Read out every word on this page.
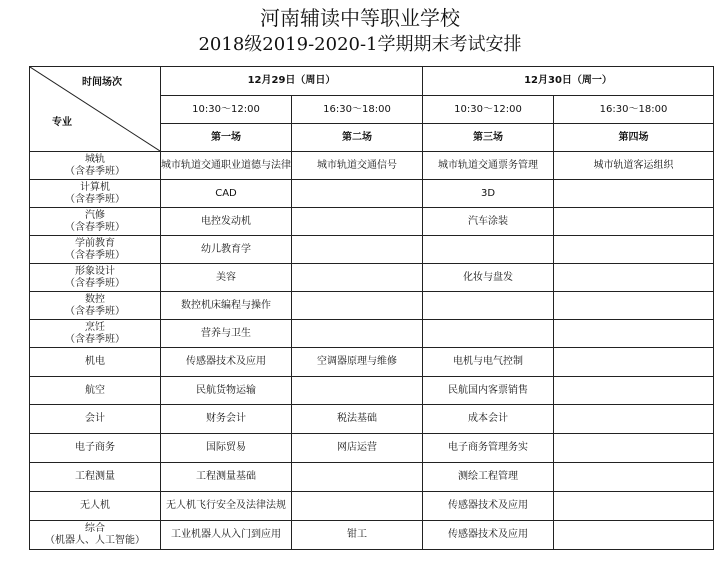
河南辅读中等职业学校
2018级2019-2020-1学期期末考试安排
时间场次
专业	12月29日（周日）		12月30日（周一）	
	10:30～12:00	16:30～18:00	10:30～12:00	16:30～18:00
	第一场	第二场	第三场	第四场

城轨
（含春季班）	城市轨道交通职业道德与法律	城市轨道交通信号	城市轨道交通票务管理	城市轨道客运组织

计算机
（含春季班）	CAD		3D	

汽修
（含春季班）	电控发动机		汽车涂装	

学前教育
（含春季班）	幼儿教育学			

形象设计
（含春季班）	美容		化妆与盘发	

数控
（含春季班）	数控机床编程与操作			

烹饪
（含春季班）	营养与卫生			

机电	传感器技术及应用	空调器原理与维修	电机与电气控制	

航空	民航货物运输		民航国内客票销售	

会计	财务会计	税法基础	成本会计	

电子商务	国际贸易	网店运营	电子商务管理务实	

工程测量	工程测量基础		测绘工程管理	

无人机	无人机飞行安全及法律法规		传感器技术及应用	

综合
（机器人、人工智能）	工业机器人从入门到应用	钳工	传感器技术及应用	
